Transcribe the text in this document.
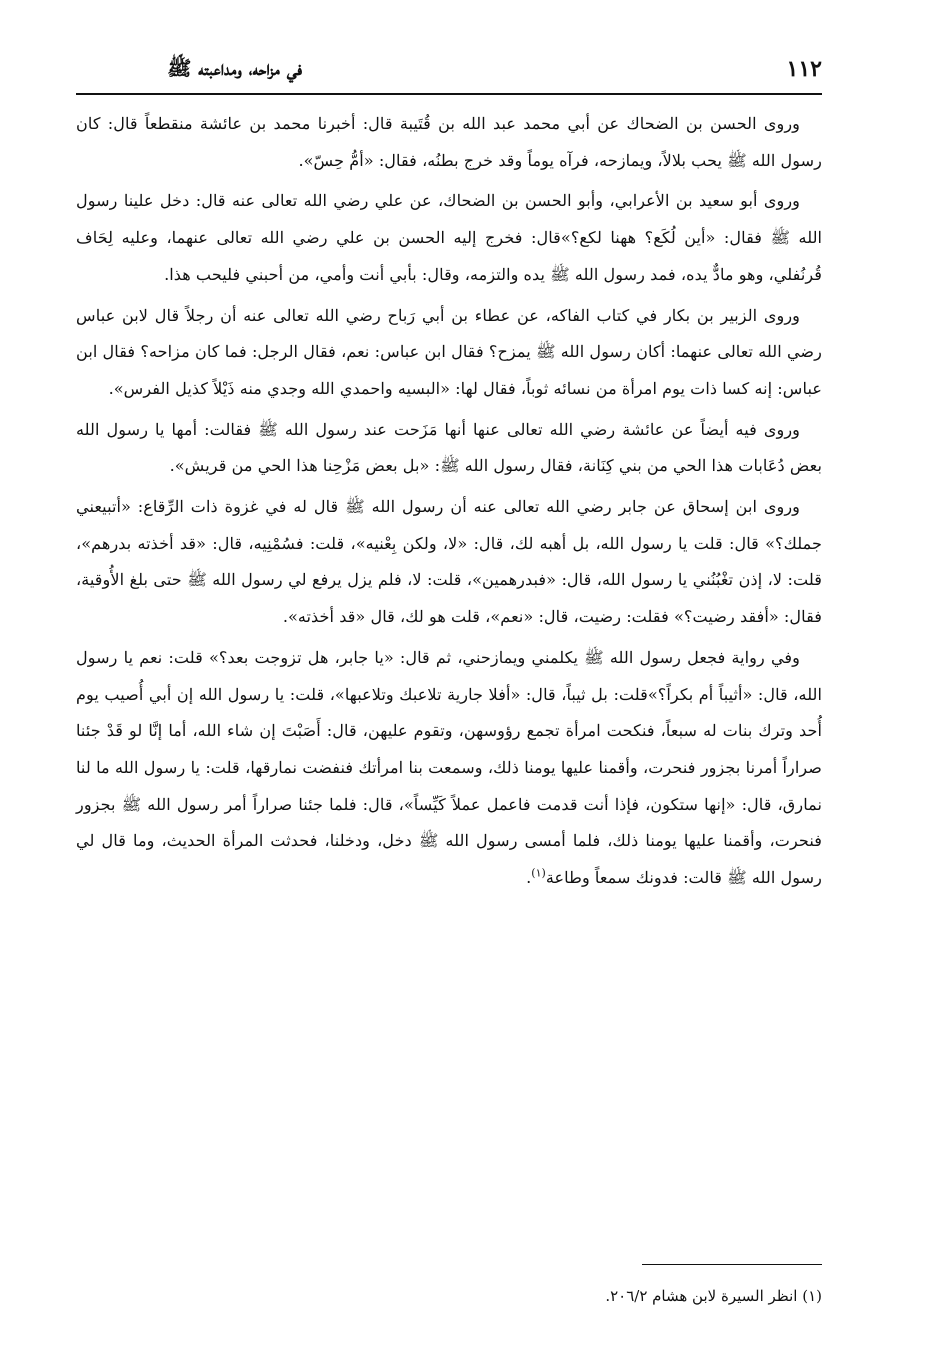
في مزاحه، ومداعبته ﷺ	١١٢

وروى الحسن بن الضحاك عن أبي محمد عبد الله بن قُتَيبة قال: أخبرنا محمد بن عائشة منقطعاً قال: كان رسول الله ﷺ يحب بلالاً، ويمازحه، فرآه يوماً وقد خرج بطنُه، فقال: «أمُّ حِسّ».

وروى أبو سعيد بن الأعرابي، وأبو الحسن بن الضحاك، عن علي رضي الله تعالى عنه قال: دخل علينا رسول الله ﷺ فقال: «أين لُكَع؟ ههنا لكع؟»قال: فخرج إليه الحسن بن علي رضي الله تعالى عنهما، وعليه لِحَاف قُرنُفلي، وهو مادٌّ يده، فمد رسول الله ﷺ يده والتزمه، وقال: بأبي أنت وأمي، من أحبني فليحب هذا.

وروى الزبير بن بكار في كتاب الفاكه، عن عطاء بن أبي رَباح رضي الله تعالى عنه أن رجلاً قال لابن عباس رضي الله تعالى عنهما: أكان رسول الله ﷺ يمزح؟ فقال ابن عباس: نعم، فقال الرجل: فما كان مزاحه؟ فقال ابن عباس: إنه كسا ذات يوم امرأة من نسائه ثوباً، فقال لها: «البسيه واحمدي الله وجدي منه ذَيْلاً كذيل الفرس».

وروى فيه أيضاً عن عائشة رضي الله تعالى عنها أنها مَزَحت عند رسول الله ﷺ فقالت: أمها يا رسول الله بعض دُعَابات هذا الحي من بني كِنَانة، فقال رسول الله ﷺ: «بل بعض مَزْحِنا هذا الحي من قريش».

وروى ابن إسحاق عن جابر رضي الله تعالى عنه أن رسول الله ﷺ قال له في غزوة ذات الرِّقاع: «أتبيعني جملك؟» قال: قلت يا رسول الله، بل أهبه لك، قال: «لا، ولكن بِعْنيه»، قلت: فسُمْنِيه، قال: «قد أخذته بدرهم»، قلت: لا، إذن تغْبُنُني يا رسول الله، قال: «فبدرهمين»، قلت: لا، فلم يزل يرفع لي رسول الله ﷺ حتى بلغ الأُوقية، فقال: «أفقد رضيت؟» فقلت: رضيت، قال: «نعم»، قلت هو لك، قال «قد أخذته».

وفي رواية فجعل رسول الله ﷺ يكلمني ويمازحني، ثم قال: «يا جابر، هل تزوجت بعد؟» قلت: نعم يا رسول الله، قال: «أثيباً أم بكراً؟»قلت: بل ثيباً، قال: «أفلا جارية تلاعبك وتلاعبها»، قلت: يا رسول الله إن أبي أُصيب يوم أُحد وترك بنات له سبعاً، فنكحت امرأة تجمع رؤوسهن، وتقوم عليهن، قال: أَصَبْتَ إن شاء الله، أما إنَّا لو قَدْ جئنا صراراً أمرنا بجزور فنحرت، وأقمنا عليها يومنا ذلك، وسمعت بنا امرأتك فنفضت نمارقها، قلت: يا رسول الله ما لنا نمارق، قال: «إنها ستكون، فإذا أنت قدمت فاعمل عملاً كَيِّساً»، قال: فلما جئنا صراراً أمر رسول الله ﷺ بجزور فنحرت، وأقمنا عليها يومنا ذلك، فلما أمسى رسول الله ﷺ دخل، ودخلنا، فحدثت المرأة الحديث، وما قال لي رسول الله ﷺ قالت: فدونك سمعاً وطاعة$^{(١)}$.

(١) انظر السيرة لابن هشام ٢٠٦/٢.
